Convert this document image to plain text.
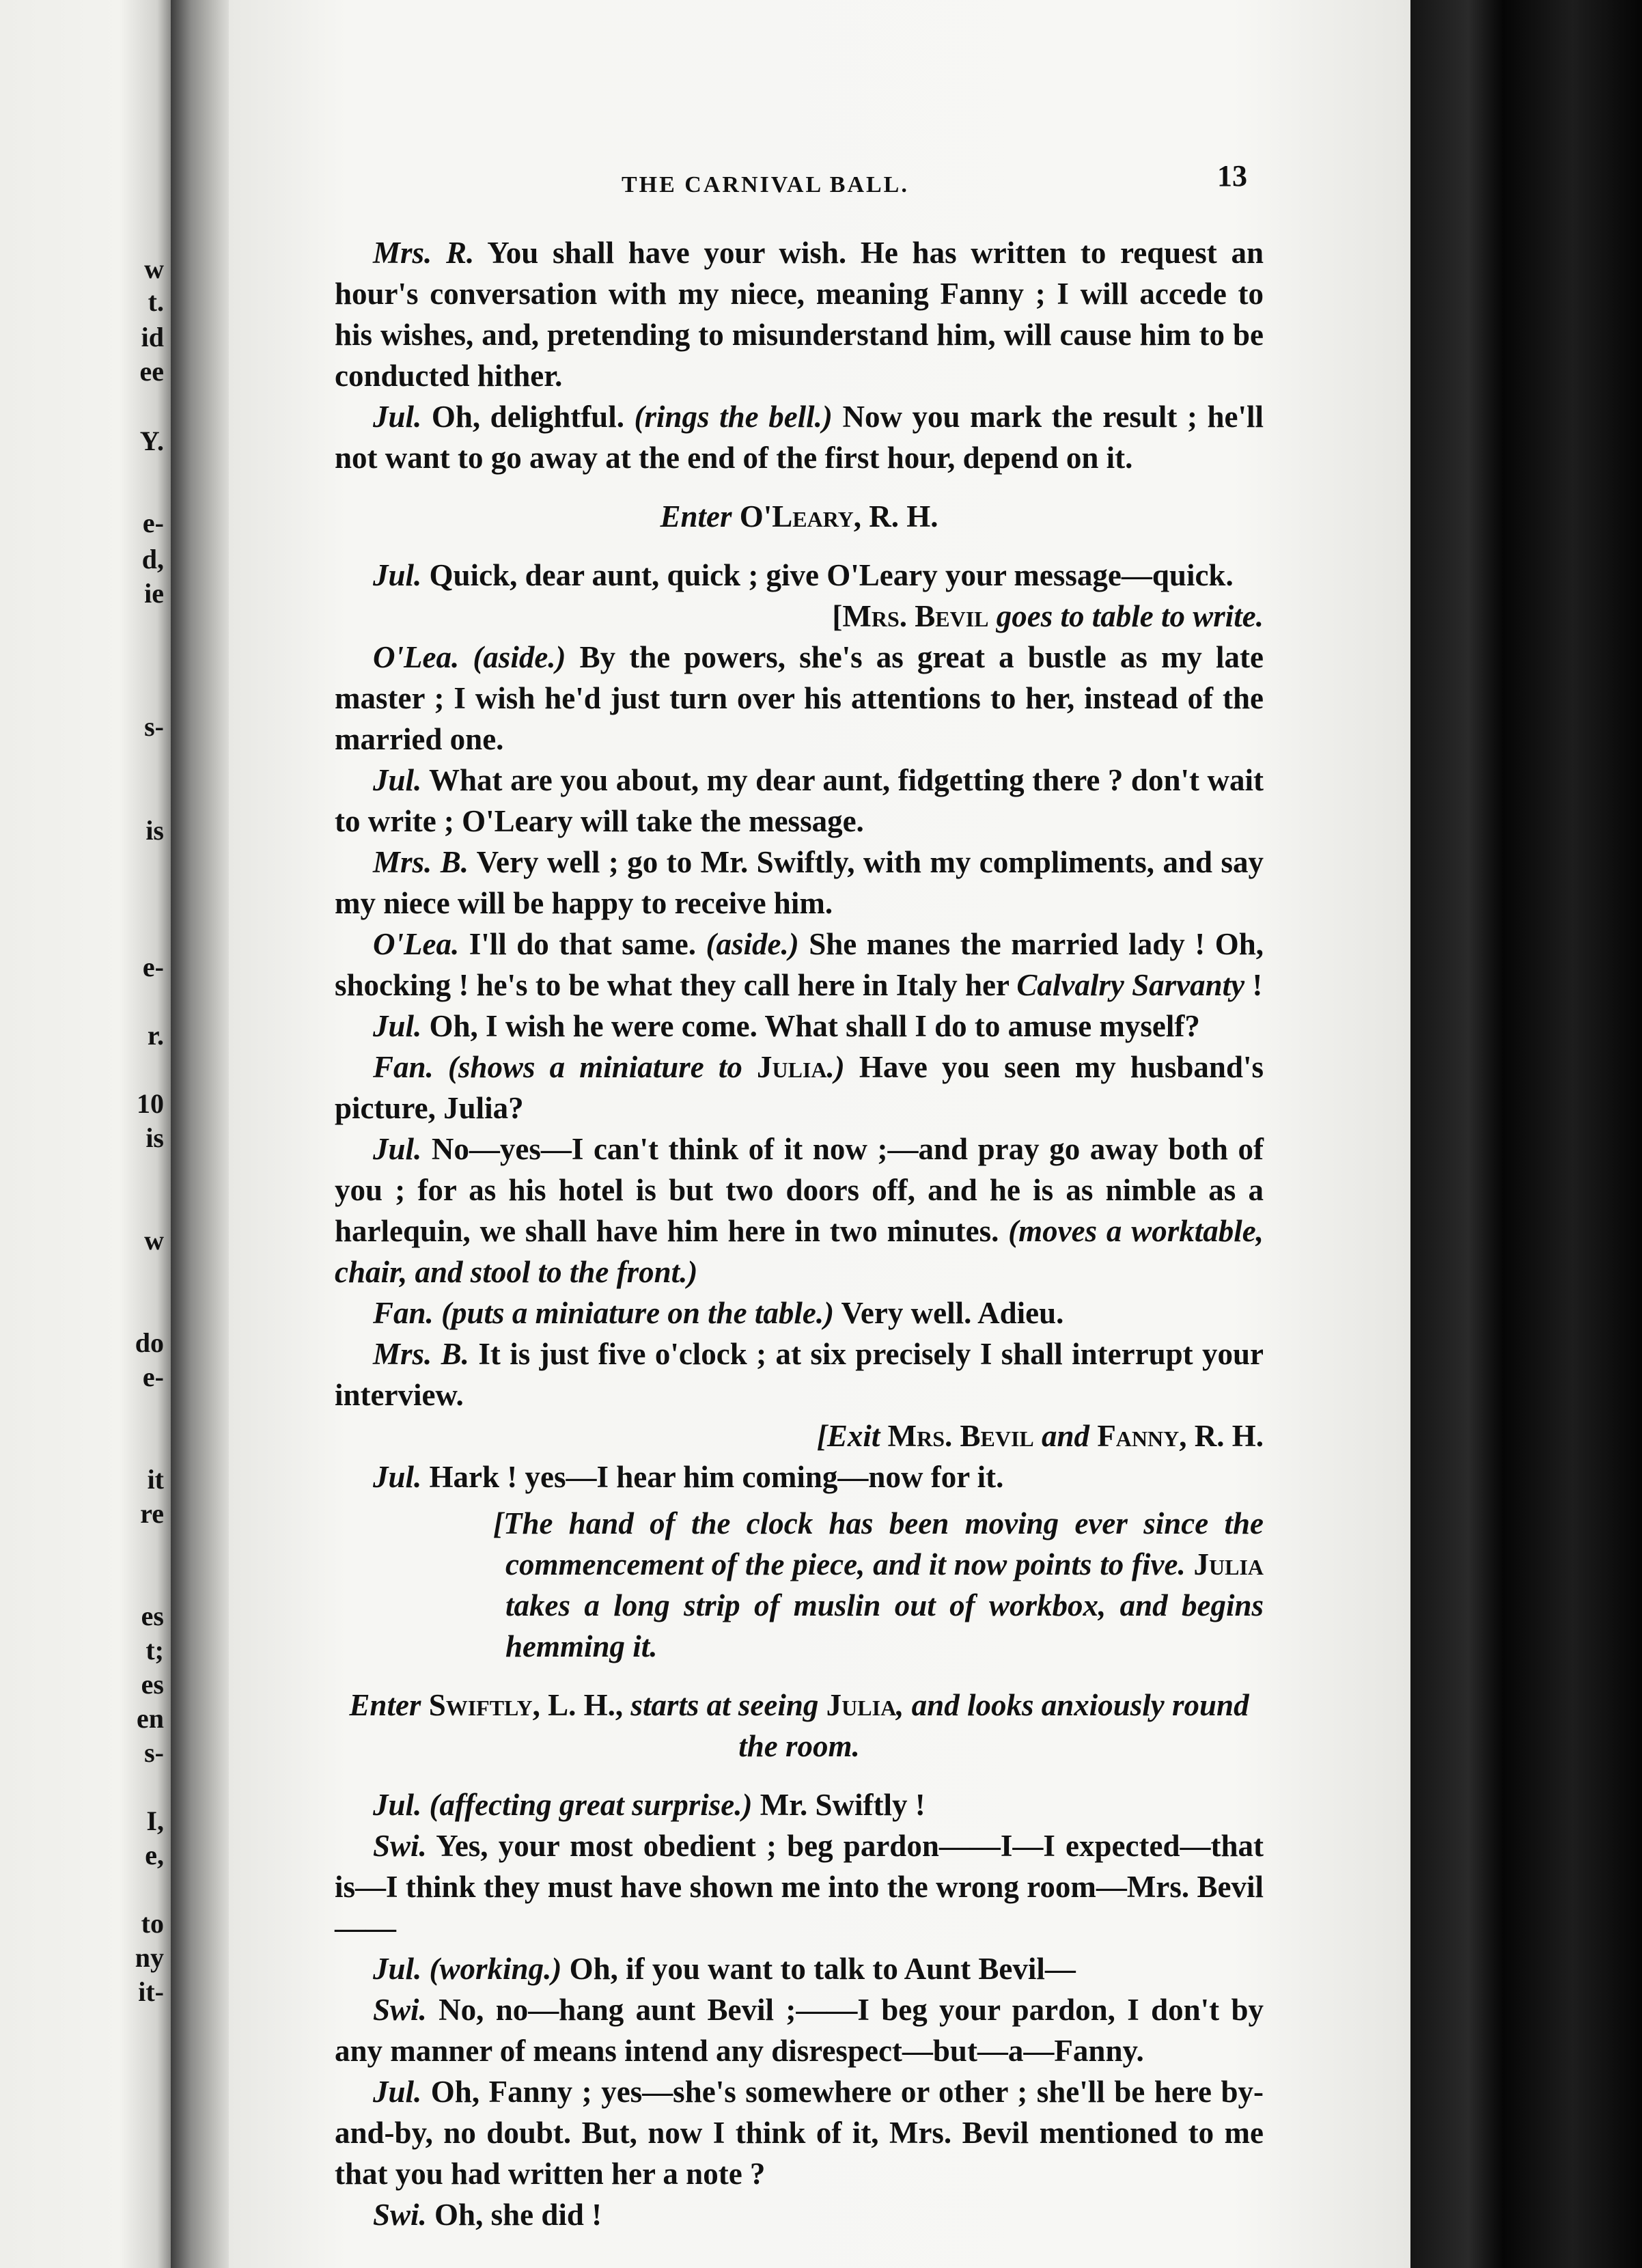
w
t.
id
ee
Y.
e-
d,
ie
s-
is
e-
r.
10
is
w
do
e-
it
re
es
t;
es
en
s-
I,
e,
to
ny
it-
THE CARNIVAL BALL.	13

Mrs. R. You shall have your wish. He has written to request an hour's conversation with my niece, meaning Fanny ; I will accede to his wishes, and, pretending to misunderstand him, will cause him to be conducted hither.

Jul. Oh, delightful. (rings the bell.) Now you mark the result ; he'll not want to go away at the end of the first hour, depend on it.

Enter O'Leary, R. H.

Jul. Quick, dear aunt, quick ; give O'Leary your message—quick.

[Mrs. Bevil goes to table to write.

O'Lea. (aside.) By the powers, she's as great a bustle as my late master ; I wish he'd just turn over his attentions to her, instead of the married one.

Jul. What are you about, my dear aunt, fidgetting there ? don't wait to write ; O'Leary will take the message.

Mrs. B. Very well ; go to Mr. Swiftly, with my compliments, and say my niece will be happy to receive him.

O'Lea. I'll do that same. (aside.) She manes the married lady ! Oh, shocking ! he's to be what they call here in Italy her Calvalry Sarvanty !

Jul. Oh, I wish he were come. What shall I do to amuse myself?

Fan. (shows a miniature to Julia.) Have you seen my husband's picture, Julia?

Jul. No—yes—I can't think of it now ;—and pray go away both of you ; for as his hotel is but two doors off, and he is as nimble as a harlequin, we shall have him here in two minutes. (moves a worktable, chair, and stool to the front.)

Fan. (puts a miniature on the table.) Very well. Adieu.

Mrs. B. It is just five o'clock ; at six precisely I shall interrupt your interview.

[Exit Mrs. Bevil and Fanny, R. H.

Jul. Hark ! yes—I hear him coming—now for it.

[The hand of the clock has been moving ever since the commencement of the piece, and it now points to five. Julia takes a long strip of muslin out of workbox, and begins hemming it.

Enter Swiftly, L. H., starts at seeing Julia, and looks anxiously round the room.

Jul. (affecting great surprise.) Mr. Swiftly !

Swi. Yes, your most obedient ; beg pardon——I—I expected—that is—I think they must have shown me into the wrong room—Mrs. Bevil——

Jul. (working.) Oh, if you want to talk to Aunt Bevil—

Swi. No, no—hang aunt Bevil ;——I beg your pardon, I don't by any manner of means intend any disrespect—but—a—Fanny.

Jul. Oh, Fanny ; yes—she's somewhere or other ; she'll be here by-and-by, no doubt. But, now I think of it, Mrs. Bevil mentioned to me that you had written her a note ?

Swi. Oh, she did !
